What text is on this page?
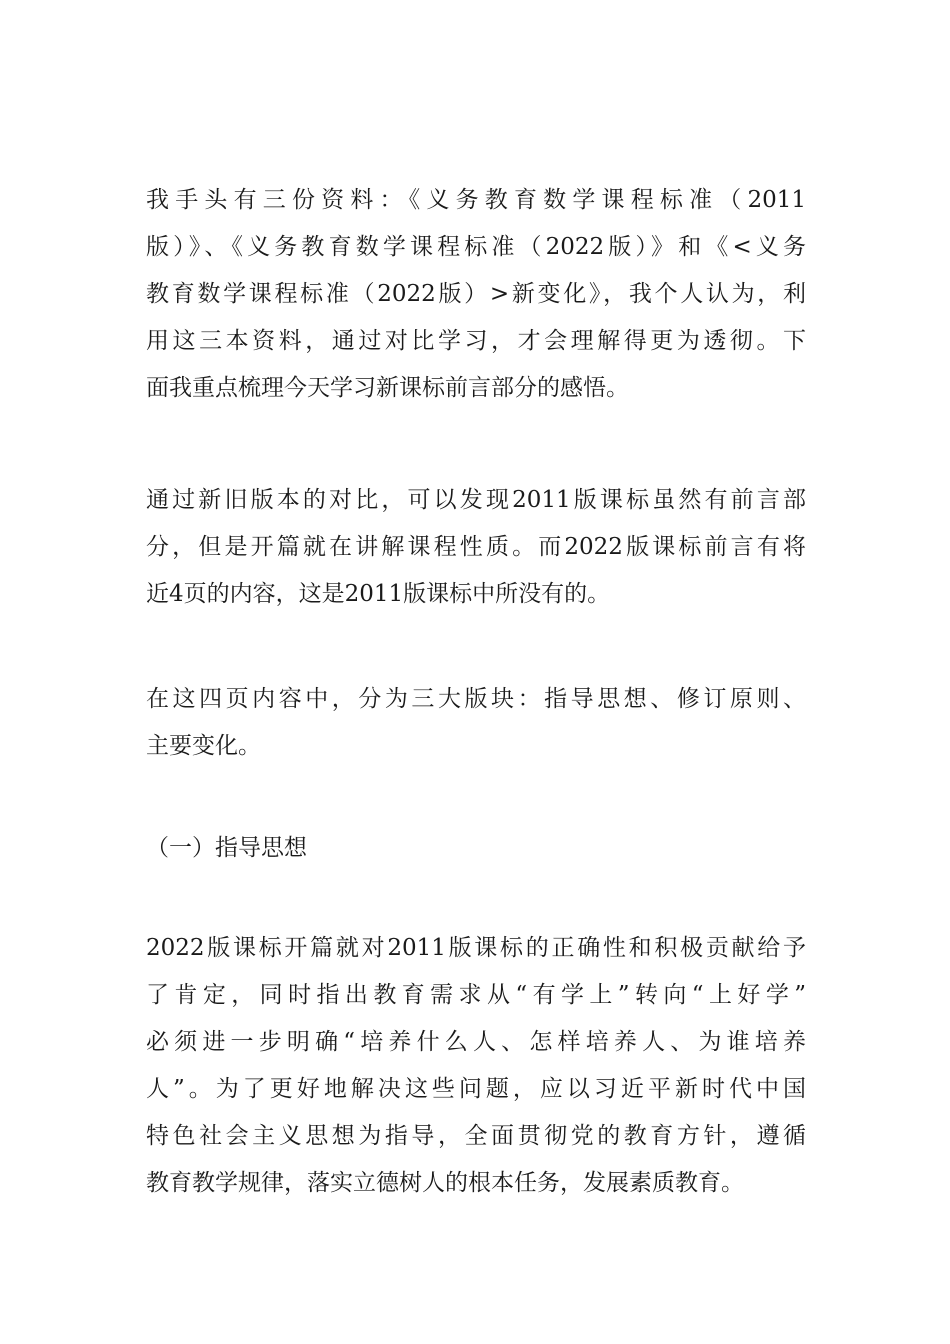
我手头有三份资料：《义务教育数学课程标准（2011
版）》、《义务教育数学课程标准（2022版）》和《<义务
教育数学课程标准（2022版）>新变化》，我个人认为，利
用这三本资料，通过对比学习，才会理解得更为透彻。下
面我重点梳理今天学习新课标前言部分的感悟。
通过新旧版本的对比，可以发现2011版课标虽然有前言部
分，但是开篇就在讲解课程性质。而2022版课标前言有将
近4页的内容，这是2011版课标中所没有的。
在这四页内容中，分为三大版块：指导思想、修订原则、
主要变化。
（一）指导思想
2022版课标开篇就对2011版课标的正确性和积极贡献给予
了肯定，同时指出教育需求从“有学上”转向“上好学”
必须进一步明确“培养什么人、怎样培养人、为谁培养
人”。为了更好地解决这些问题，应以习近平新时代中国
特色社会主义思想为指导，全面贯彻党的教育方针，遵循
教育教学规律，落实立德树人的根本任务，发展素质教育。
